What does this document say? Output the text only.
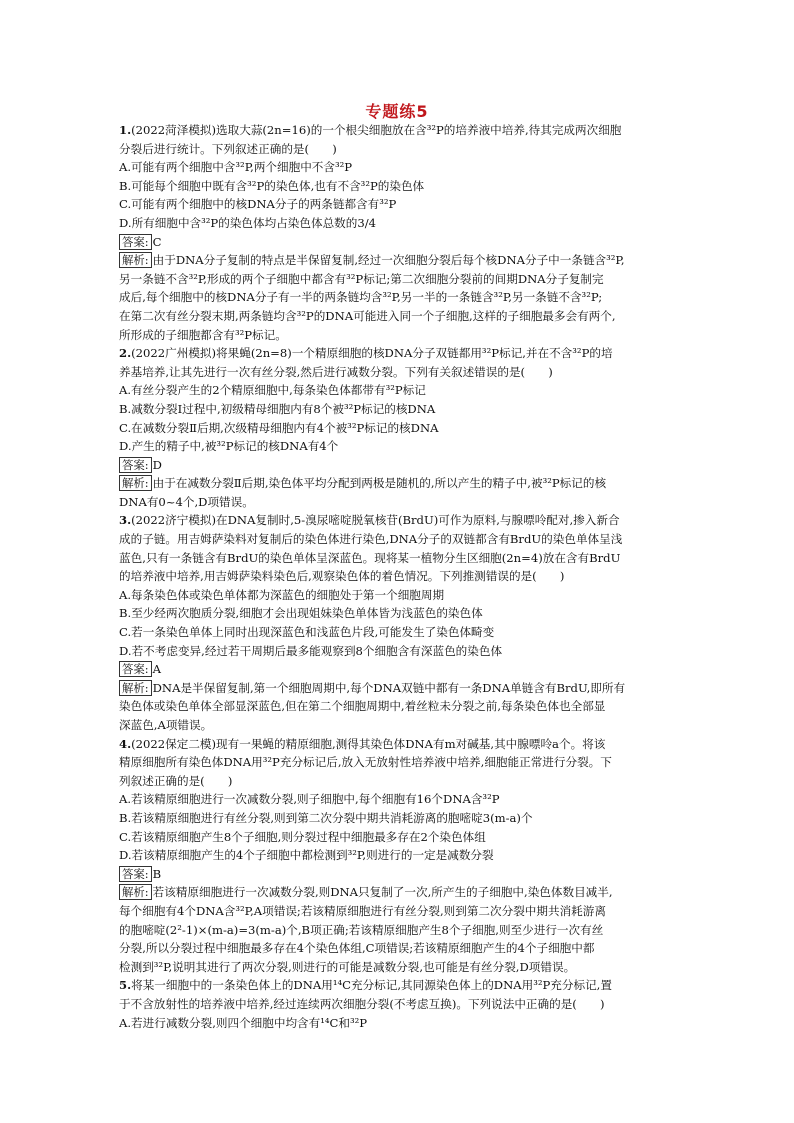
专题练5
1.(2022菏泽模拟)选取大蒜(2n=16)的一个根尖细胞放在含³²P的培养液中培养,待其完成两次细胞
分裂后进行统计。下列叙述正确的是(　　)
A.可能有两个细胞中含³²P,两个细胞中不含³²P
B.可能每个细胞中既有含³²P的染色体,也有不含³²P的染色体
C.可能有两个细胞中的核DNA分子的两条链都含有³²P
D.所有细胞中含³²P的染色体均占染色体总数的3/4
答案: C
解析: 由于DNA分子复制的特点是半保留复制,经过一次细胞分裂后每个核DNA分子中一条链含³²P,
另一条链不含³²P,形成的两个子细胞中都含有³²P标记;第二次细胞分裂前的间期DNA分子复制完
成后,每个细胞中的核DNA分子有一半的两条链均含³²P,另一半的一条链含³²P,另一条链不含³²P;
在第二次有丝分裂末期,两条链均含³²P的DNA可能进入同一个子细胞,这样的子细胞最多会有两个,
所形成的子细胞都含有³²P标记。
2.(2022广州模拟)将果蝇(2n=8)一个精原细胞的核DNA分子双链都用³²P标记,并在不含³²P的培
养基培养,让其先进行一次有丝分裂,然后进行减数分裂。下列有关叙述错误的是(　　)
A.有丝分裂产生的2个精原细胞中,每条染色体都带有³²P标记
B.减数分裂Ⅰ过程中,初级精母细胞内有8个被³²P标记的核DNA
C.在减数分裂Ⅱ后期,次级精母细胞内有4个被³²P标记的核DNA
D.产生的精子中,被³²P标记的核DNA有4个
答案: D
解析: 由于在减数分裂Ⅱ后期,染色体平均分配到两极是随机的,所以产生的精子中,被³²P标记的核
DNA有0~4个,D项错误。
3.(2022济宁模拟)在DNA复制时,5-溴尿嘧啶脱氧核苷(BrdU)可作为原料,与腺嘌呤配对,掺入新合
成的子链。用吉姆萨染料对复制后的染色体进行染色,DNA分子的双链都含有BrdU的染色单体呈浅
蓝色,只有一条链含有BrdU的染色单体呈深蓝色。现将某一植物分生区细胞(2n=4)放在含有BrdU
的培养液中培养,用吉姆萨染料染色后,观察染色体的着色情况。下列推测错误的是(　　)
A.每条染色体或染色单体都为深蓝色的细胞处于第一个细胞周期
B.至少经两次胞质分裂,细胞才会出现姐妹染色单体皆为浅蓝色的染色体
C.若一条染色单体上同时出现深蓝色和浅蓝色片段,可能发生了染色体畸变
D.若不考虑变异,经过若干周期后最多能观察到8个细胞含有深蓝色的染色体
答案: A
解析: DNA是半保留复制,第一个细胞周期中,每个DNA双链中都有一条DNA单链含有BrdU,即所有
染色体或染色单体全部显深蓝色,但在第二个细胞周期中,着丝粒未分裂之前,每条染色体也全部显
深蓝色,A项错误。
4.(2022保定二模)现有一果蝇的精原细胞,测得其染色体DNA有m对碱基,其中腺嘌呤a个。将该
精原细胞所有染色体DNA用³²P充分标记后,放入无放射性培养液中培养,细胞能正常进行分裂。下
列叙述正确的是(　　)
A.若该精原细胞进行一次减数分裂,则子细胞中,每个细胞有16个DNA含³²P
B.若该精原细胞进行有丝分裂,则到第二次分裂中期共消耗游离的胞嘧啶3(m-a)个
C.若该精原细胞产生8个子细胞,则分裂过程中细胞最多存在2个染色体组
D.若该精原细胞产生的4个子细胞中都检测到³²P,则进行的一定是减数分裂
答案: B
解析: 若该精原细胞进行一次减数分裂,则DNA只复制了一次,所产生的子细胞中,染色体数目减半,
每个细胞有4个DNA含³²P,A项错误;若该精原细胞进行有丝分裂,则到第二次分裂中期共消耗游离
的胞嘧啶(2²-1)×(m-a)=3(m-a)个,B项正确;若该精原细胞产生8个子细胞,则至少进行一次有丝
分裂,所以分裂过程中细胞最多存在4个染色体组,C项错误;若该精原细胞产生的4个子细胞中都
检测到³²P,说明其进行了两次分裂,则进行的可能是减数分裂,也可能是有丝分裂,D项错误。
5.将某一细胞中的一条染色体上的DNA用¹⁴C充分标记,其同源染色体上的DNA用³²P充分标记,置
于不含放射性的培养液中培养,经过连续两次细胞分裂(不考虑互换)。下列说法中正确的是(　　)
A.若进行减数分裂,则四个细胞中均含有¹⁴C和³²P
